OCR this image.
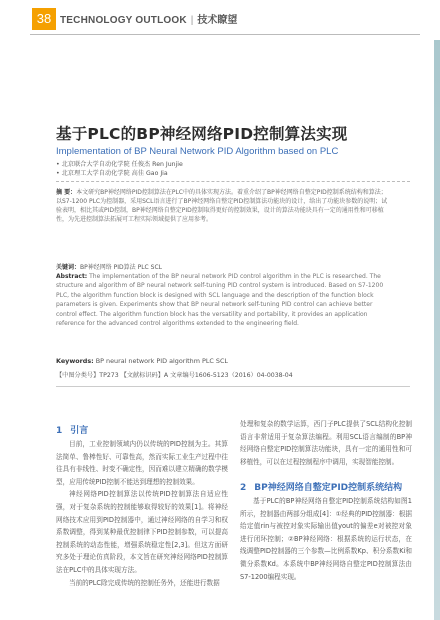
38 TECHNOLOGY OUTLOOK | 技术瞭望
基于PLC的BP神经网络PID控制算法实现
Implementation of BP Neural Network PID Algorithm based on PLC
• 北京联合大学自动化学院 任俊杰 Ren Junjie
• 北京理工大学自动化学院 高佳 Gao Jia
摘 要：本文研究BP神经网络PID控制算法在PLC中的具体实现方法。着重介绍了BP神经网络自整定PID控制系统结构和算法；以S7-1200 PLC为控制器，采用SCL语言进行了BP神经网络自整定PID控制算法功能块的设计，给出了功能块参数的说明；试验表明，相比其或PID控制，BP神经网络自整定PID控制取得更好的控制效果，设计的算法功能块具有一定的通用性和可移植性，为先进控制算法拓展可工程实际领域提供了应用参考。
关键词：BP神经网络 PID算法 PLC SCL
Abstract: The implementation of the BP neural network PID control algorithm in the PLC is researched. The structure and algorithm of BP neural network self-tuning PID control system is introduced. Based on S7-1200 PLC, the algorithm function block is designed with SCL language and the description of the function block parameters is given. Experiments show that BP neural network self-tuning PID control can achieve better control effect. The algorithm function block has the versatility and portability, it provides an application reference for the advanced control algorithms extended to the engineering field.
Keywords: BP neural network PID algorithm PLC SCL
【中图分类号】TP273 【文献标识码】A 文章编号1606-5123（2016）04-0038-04
1 引言

目前，工业控制领域内仍以传统的PID控制为主。其算法简单、鲁棒性好、可靠性高，然而实际工业生产过程中往往具有非线性、时变不确定性，因而难以建立精确的数学模型，应用传统PID控制不能达到理想的控制效果。

神经网络PID控制算法以传统PID控制算法自适应性强，对于复杂系统的控制能够取得较好的效果[1]。将神经网络技术应用到PID控制器中，通过神经网络的自学习和权系数调整，得到某种最优控制律下PID控制参数，可以提高控制系统的动态性能，增强系统稳定性[2,3]。但这方面研究多处于理论仿真阶段，本文旨在研究神经网络PID控制算法在PLC中的具体实现方法。

当前的PLC除完成传统的控制任务外，还能进行数据

处理和复杂的数学运算，西门子PLC提供了SCL结构化控制语言非常适用于复杂算法编程。利用SCL语言编制的BP神经网络自整定PID控制算法功能块，具有一定的通用性和可移植性，可以在过程控制程序中调用，实现智能控制。

2 BP神经网络自整定PID控制系统结构

基于PLC的BP神经网络自整定PID控制系统结构如图1所示，控制器由两部分组成[4]：①经典的PID控制器：根据给定值rin与被控对象实际输出值yout的偏差e对被控对象进行闭环控制；②BP神经网络：根据系统的运行状态，在线调整PID控制器的三个参数—比例系数Kp、积分系数Ki和微分系数Kd。本系统中BP神经网络自整定PID控制算法由S7-1200编程实现。
